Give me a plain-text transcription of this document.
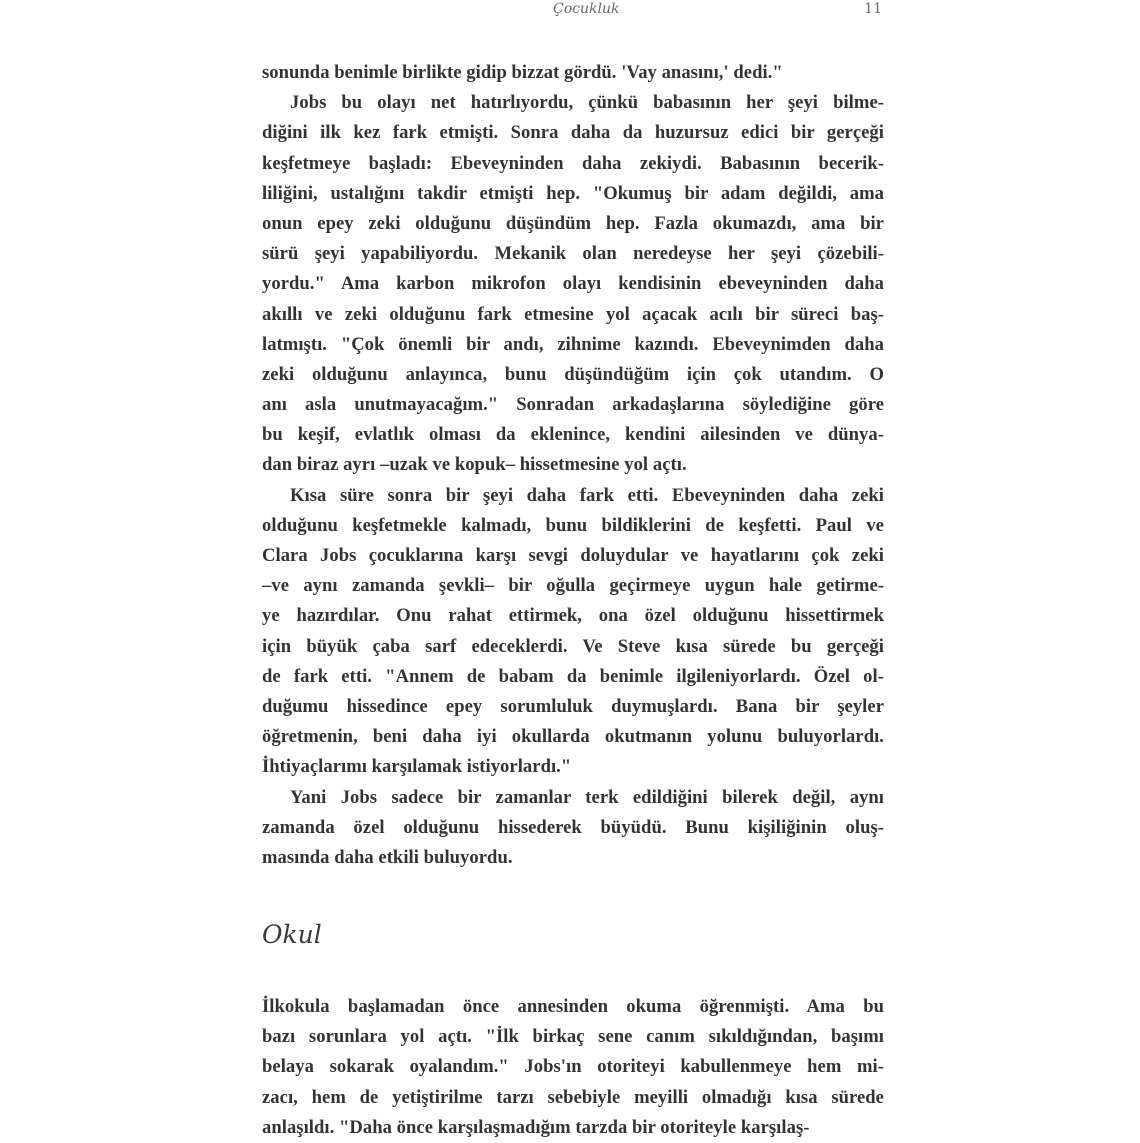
Çocukluk	11
sonunda benimle birlikte gidip bizzat gördü. 'Vay anasını,' dedi."
Jobs bu olayı net hatırlıyordu, çünkü babasının her şeyi bilme-
diğini ilk kez fark etmişti. Sonra daha da huzursuz edici bir gerçeği
keşfetmeye başladı: Ebeveyninden daha zekiydi. Babasının becerik-
liliğini, ustalığını takdir etmişti hep. "Okumuş bir adam değildi, ama
onun epey zeki olduğunu düşündüm hep. Fazla okumazdı, ama bir
sürü şeyi yapabiliyordu. Mekanik olan neredeyse her şeyi çözebili-
yordu." Ama karbon mikrofon olayı kendisinin ebeveyninden daha
akıllı ve zeki olduğunu fark etmesine yol açacak acılı bir süreci baş-
latmıştı. "Çok önemli bir andı, zihnime kazındı. Ebeveynimden daha
zeki olduğunu anlayınca, bunu düşündüğüm için çok utandım. O
anı asla unutmayacağım." Sonradan arkadaşlarına söylediğine göre
bu keşif, evlatlık olması da eklenince, kendini ailesinden ve dünya-
dan biraz ayrı –uzak ve kopuk– hissetmesine yol açtı.
Kısa süre sonra bir şeyi daha fark etti. Ebeveyninden daha zeki
olduğunu keşfetmekle kalmadı, bunu bildiklerini de keşfetti. Paul ve
Clara Jobs çocuklarına karşı sevgi doluydular ve hayatlarını çok zeki
–ve aynı zamanda şevkli– bir oğulla geçirmeye uygun hale getirme-
ye hazırdılar. Onu rahat ettirmek, ona özel olduğunu hissettirmek
için büyük çaba sarf edeceklerdi. Ve Steve kısa sürede bu gerçeği
de fark etti. "Annem de babam da benimle ilgileniyorlardı. Özel ol-
duğumu hissedince epey sorumluluk duymuşlardı. Bana bir şeyler
öğretmenin, beni daha iyi okullarda okutmanın yolunu buluyorlardı.
İhtiyaçlarımı karşılamak istiyorlardı."
Yani Jobs sadece bir zamanlar terk edildiğini bilerek değil, aynı
zamanda özel olduğunu hissederek büyüdü. Bunu kişiliğinin oluş-
masında daha etkili buluyordu.
Okul
İlkokula başlamadan önce annesinden okuma öğrenmişti. Ama bu
bazı sorunlara yol açtı. "İlk birkaç sene canım sıkıldığından, başımı
belaya sokarak oyalandım." Jobs'ın otoriteyi kabullenmeye hem mi-
zacı, hem de yetiştirilme tarzı sebebiyle meyilli olmadığı kısa sürede
anlaşıldı. "Daha önce karşılaşmadığım tarzda bir otoriteyle karşılaş-
